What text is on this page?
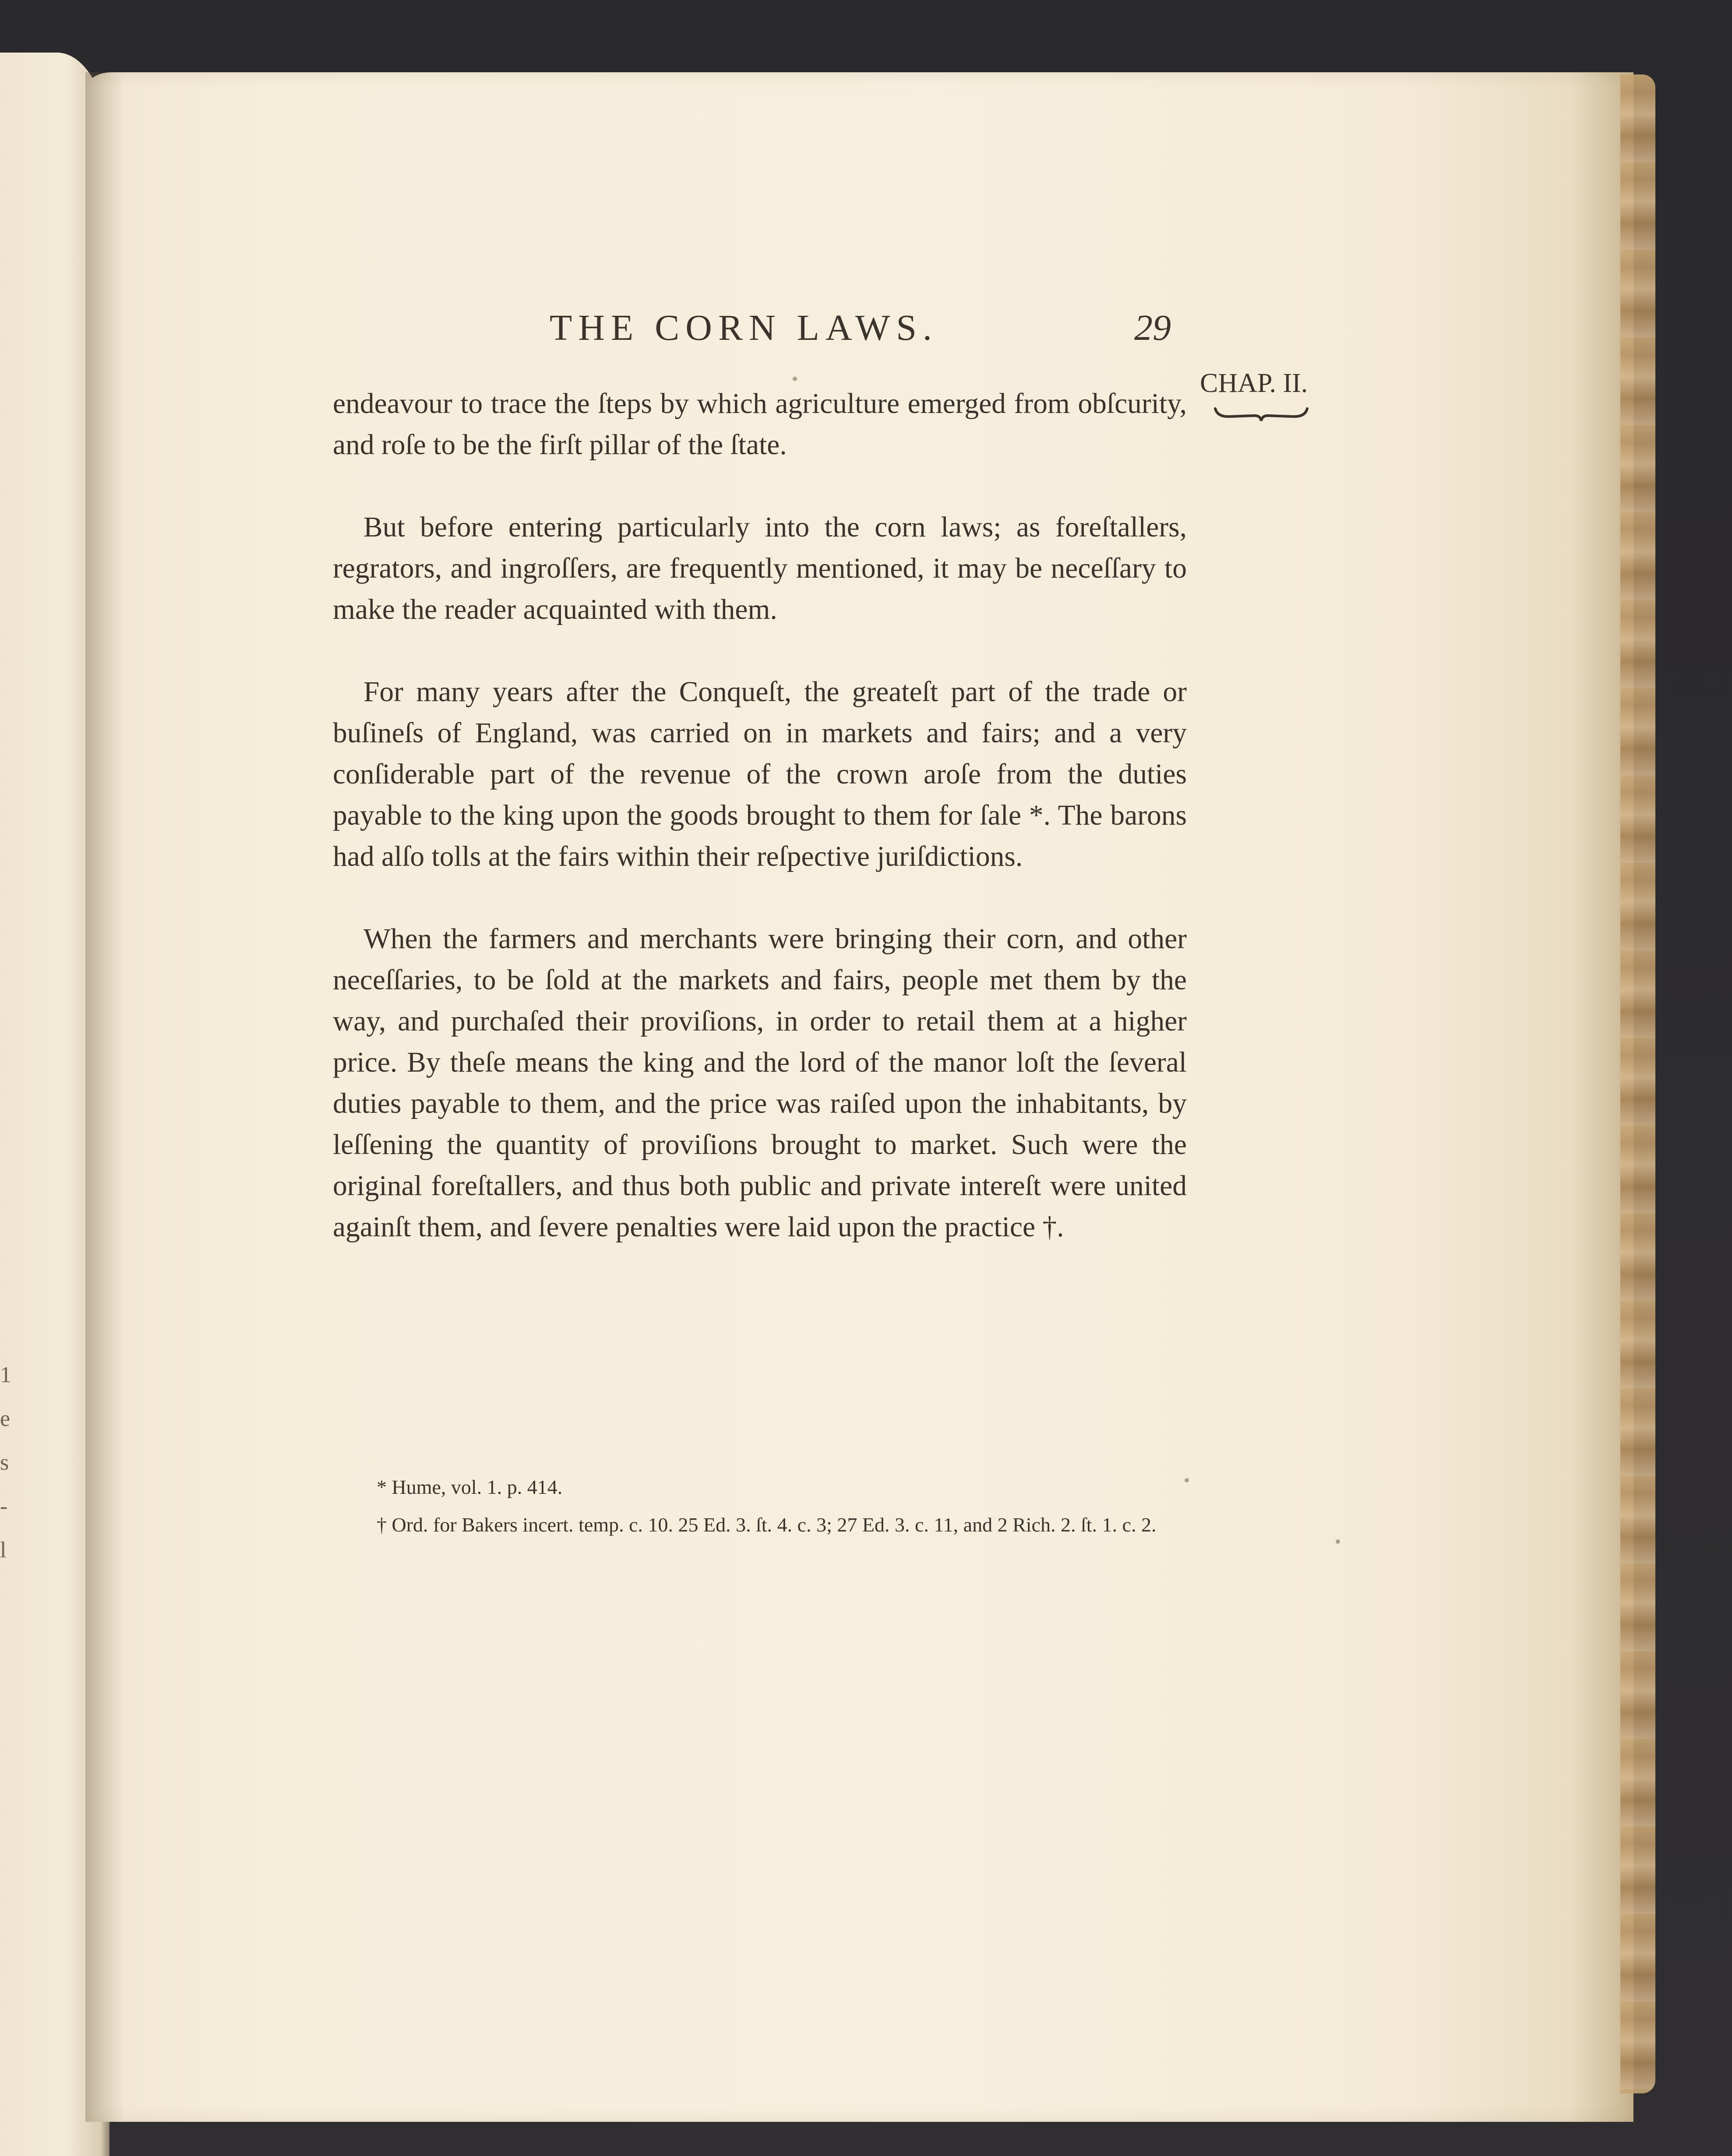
1
e
s
-
l
THE CORN LAWS.	29
CHAP. II.

endeavour to trace the ſteps by which agriculture emerged from obſcurity, and roſe to be the firſt pillar of the ſtate.

But before entering particularly into the corn laws; as foreſtallers, regrators, and ingroſſers, are frequently mentioned, it may be neceſſary to make the reader acquainted with them.

For many years after the Conqueſt, the greateſt part of the trade or buſineſs of England, was carried on in markets and fairs; and a very conſiderable part of the revenue of the crown aroſe from the duties payable to the king upon the goods brought to them for ſale *. The barons had alſo tolls at the fairs within their reſpective juriſdictions.

When the farmers and merchants were bringing their corn, and other neceſſaries, to be ſold at the markets and fairs, people met them by the way, and purchaſed their proviſions, in order to retail them at a higher price. By theſe means the king and the lord of the manor loſt the ſeveral duties payable to them, and the price was raiſed upon the inhabitants, by leſſening the quantity of proviſions brought to market. Such were the original foreſtallers, and thus both public and private intereſt were united againſt them, and ſevere penalties were laid upon the practice †.

* Hume, vol. 1. p. 414.

† Ord. for Bakers incert. temp. c. 10. 25 Ed. 3. ſt. 4. c. 3; 27 Ed. 3. c. 11, and 2 Rich. 2. ſt. 1. c. 2.
